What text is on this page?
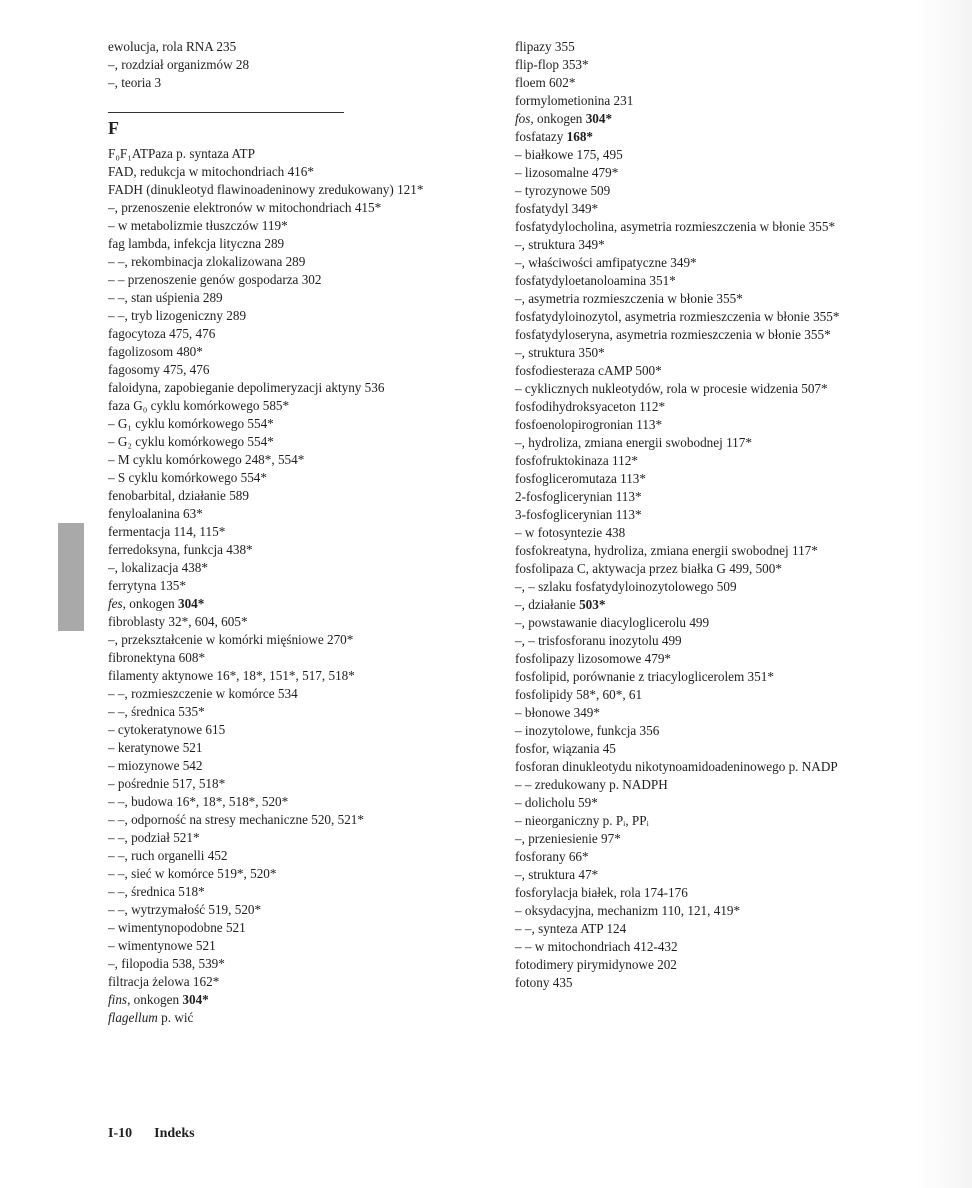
ewolucja, rola RNA 235
–, rozdział organizmów 28
–, teoria 3
F
F₀F₁ATPaza p. syntaza ATP
FAD, redukcja w mitochondriach 416*
FADH (dinukleotyd flawinoadeninowy zredukowany) 121*
–, przenoszenie elektronów w mitochondriach 415*
– w metabolizmie tłuszczów 119*
fag lambda, infekcja lityczna 289
– –, rekombinacja zlokalizowana 289
– – przenoszenie genów gospodarza 302
– –, stan uśpienia 289
– –, tryb lizogeniczny 289
fagocytoza 475, 476
fagolizosom 480*
fagosomy 475, 476
faloidyna, zapobieganie depolimeryzacji aktyny 536
faza G₀ cyklu komórkowego 585*
– G₁ cyklu komórkowego 554*
– G₂ cyklu komórkowego 554*
– M cyklu komórkowego 248*, 554*
– S cyklu komórkowego 554*
fenobarbital, działanie 589
fenyloalanina 63*
fermentacja 114, 115*
ferredoksyna, funkcja 438*
–, lokalizacja 438*
ferrytyna 135*
fes, onkogen 304*
fibroblasty 32*, 604, 605*
–, przekształcenie w komórki mięśniowe 270*
fibronektyna 608*
filamenty aktynowe 16*, 18*, 151*, 517, 518*
– –, rozmieszczenie w komórce 534
– –, średnica 535*
– cytokeratynowe 615
– keratynowe 521
– miozynowe 542
– pośrednie 517, 518*
– –, budowa 16*, 18*, 518*, 520*
– –, odporność na stresy mechaniczne 520, 521*
– –, podział 521*
– –, ruch organelli 452
– –, sieć w komórce 519*, 520*
– –, średnica 518*
– –, wytrzymałość 519, 520*
– wimentynopodobne 521
– wimentynowe 521
–, filopodia 538, 539*
filtracja żelowa 162*
fins, onkogen 304*
flagellum p. wić
flipazy 355
flip-flop 353*
floem 602*
formylometionina 231
fos, onkogen 304*
fosfatazy 168*
– białkowe 175, 495
– lizosomalne 479*
– tyrozynowe 509
fosfatydyl 349*
fosfatydylocholina, asymetria rozmieszczenia w błonie 355*
–, struktura 349*
–, właściwości amfipatyczne 349*
fosfatydyloetanoloamina 351*
–, asymetria rozmieszczenia w błonie 355*
fosfatydyloinozytol, asymetria rozmieszczenia w błonie 355*
fosfatydyloseryna, asymetria rozmieszczenia w błonie 355*
–, struktura 350*
fosfodiesteraza cAMP 500*
– cyklicznych nukleotydów, rola w procesie widzenia 507*
fosfodihydroksyaceton 112*
fosfoenolopirogronian 113*
–, hydroliza, zmiana energii swobodnej 117*
fosfofruktokinaza 112*
fosfogliceromutaza 113*
2-fosfoglicerynian 113*
3-fosfoglicerynian 113*
– w fotosyntezie 438
fosfokreatyna, hydroliza, zmiana energii swobodnej 117*
fosfolipaza C, aktywacja przez białka G 499, 500*
–, – szlaku fosfatydyloinozytolowego 509
–, działanie 503*
–, powstawanie diacyloglicerolu 499
–, – trisfosforanu inozytolu 499
fosfolipazy lizosomowe 479*
fosfolipid, porównanie z triacyloglicerolem 351*
fosfolipidy 58*, 60*, 61
– błonowe 349*
– inozytolowe, funkcja 356
fosfor, wiązania 45
fosforan dinukleotydu nikotynoamidoadeninowego p. NADP
– – zredukowany p. NADPH
– dolicholu 59*
– nieorganiczny p. Pᵢ, PPᵢ
–, przeniesienie 97*
fosforany 66*
–, struktura 47*
fosforylacja białek, rola 174-176
– oksydacyjna, mechanizm 110, 121, 419*
– –, synteza ATP 124
– – w mitochondriach 412-432
fotodimery pirymidynowe 202
fotony 435
I-10 Indeks
